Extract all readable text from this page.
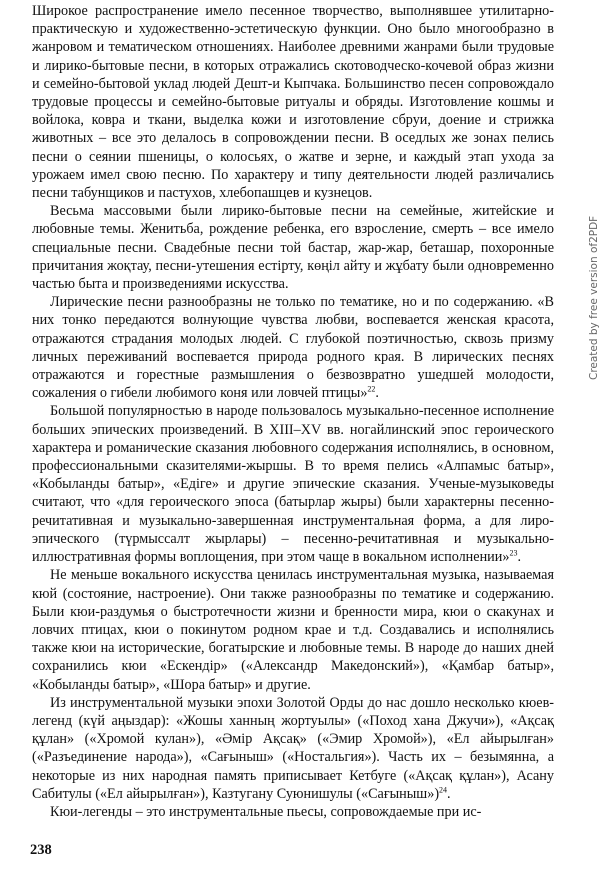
Широкое распространение имело песенное творчество, выполнявшее утилитарно-практическую и художественно-эстетическую функции. Оно было многообразно в жанровом и тематическом отношениях. Наиболее древними жанрами были трудовые и лирико-бытовые песни, в которых отражались скотоводческо-кочевой образ жизни и семейно-бытовой уклад людей Дешт-и Кыпчака. Большинство песен сопровождало трудовые процессы и семейно-бытовые ритуалы и обряды. Изготовление кошмы и войлока, ковра и ткани, выделка кожи и изготовление сбруи, доение и стрижка животных – все это делалось в сопровождении песни. В оседлых же зонах пелись песни о сеянии пшеницы, о колосьях, о жатве и зерне, и каждый этап ухода за урожаем имел свою песню. По характеру и типу деятельности людей различались песни табунщиков и пастухов, хлебопашцев и кузнецов.

Весьма массовыми были лирико-бытовые песни на семейные, житейские и любовные темы. Женитьба, рождение ребенка, его взросление, смерть – все имело специальные песни. Свадебные песни той бастар, жар-жар, беташар, похоронные причитания жоқтау, песни-утешения естірту, көңіл айту и жұбату были одновременно частью быта и произведениями искусства.

Лирические песни разнообразны не только по тематике, но и по содержанию. «В них тонко передаются волнующие чувства любви, воспевается женская красота, отражаются страдания молодых людей. С глубокой поэтичностью, сквозь призму личных переживаний воспевается природа родного края. В лирических песнях отражаются и горестные размышления о безвозвратно ушедшей молодости, сожаления о гибели любимого коня или ловчей птицы»$^{22}$.

Большой популярностью в народе пользовалось музыкально-песенное исполнение больших эпических произведений. В XIII–XV вв. ногайлинский эпос героического характера и романические сказания любовного содержания исполнялись, в основном, профессиональными сказителями-жыршы. В то время пелись «Алпамыс батыр», «Кобыланды батыр», «Едіге» и другие эпические сказания. Ученые-музыковеды считают, что «для героического эпоса (батырлар жыры) были характерны песенно-речитативная и музыкально-завершенная инструментальная форма, а для лиро-эпического (түрмысcалт жырлары) – песенно-речитативная и музыкально-иллюстративная формы воплощения, при этом чаще в вокальном исполнении»$^{23}$.

Не меньше вокального искусства ценилась инструментальная музыка, называемая кюй (состояние, настроение). Они также разнообразны по тематике и содержанию. Были кюи-раздумья о быстротечности жизни и бренности мира, кюи о скакунах и ловчих птицах, кюи о покинутом родном крае и т.д. Создавались и исполнялись также кюи на исторические, богатырские и любовные темы. В народе до наших дней сохранились кюи «Ескендір» («Александр Македонский»), «Қамбар батыр», «Кобыланды батыр», «Шора батыр» и другие.

Из инструментальной музыки эпохи Золотой Орды до нас дошло несколько кюев-легенд (күй аңыздар): «Жошы ханның жортуылы» («Поход хана Джучи»), «Ақсақ құлан» («Хромой кулан»), «Әмір Ақсақ» («Эмир Хромой»), «Ел айырылған» («Разъединение народа»), «Сағыныш» («Ностальгия»). Часть их – безымянна, а некоторые из них народная память приписывает Кетбуге («Ақсақ құлан»), Асану Сабитулы («Ел айырылған»), Казтугану Суюнишулы («Сағыныш»)$^{24}$.

Кюи-легенды – это инструментальные пьесы, сопровождаемые при ис-

238
Created by free version of2PDF
